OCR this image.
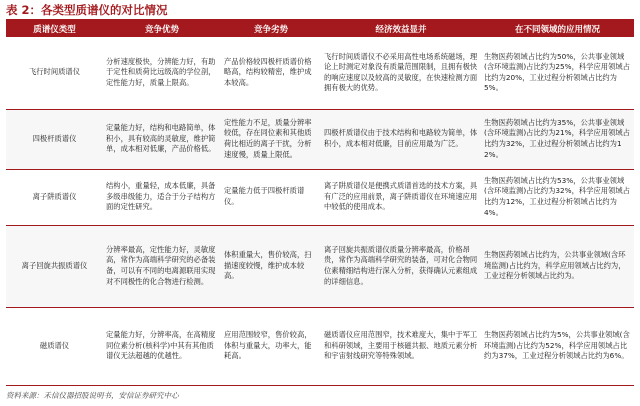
表 2：各类型质谱仪的对比情况
质谱仪类型	竞争优势	竞争劣势	经济效益显并	在不同领域的应用情况
飞行时间质谱仪	分析速度极快，分辨能力好，有助于定性和质荷比远级高的学位剖，定性能力好，质量上限高。	产品价格较四极杆质谱价格略高，结构较精密，维护成本较高。	飞行时间质谱仪不必采用高性电场系统磁场，理论上时测定对象没有质量范围限制，且拥有极快的响应速度以及较高的灵敏度，在快速检测方面拥有极大的优势。	生物医药领域占比约为50%，公共事业领域(含环境监测)占比约为25%，科学应用领域占比约为20%，工业过程分析领域占比约为5%。
四极杆质谱仪	定量能力好，结构和电路简单，体积小，具有较高的灵敏度，维护简单，成本相对低廉，产品价格低。	定性能力不足，质量分辨率较低，存在同位素和其他质荷比相近的离子干扰，分析速度慢，质量上限低。	四极杆质谱仪由于技术结构和电路较为简单，体积小，成本相对低廉，目前应用最为广泛。	生物医药领域占比约为35%，公共事业领域(含环境监测)占比约为21%，科学应用领域占比约为32%，工业过程分析领域占比约为12%。
离子阱质谱仪	结构小，重量轻，成本低廉，具备多级串级能力，适合于分子结构方面的定性研究。	定量能力低于四极杆质谱仪。	离子阱质谱仪是便携式质谱首选的技术方案，具有广泛的应用前景，离子阱质谱仪在环境速应用中较低的使用成本。	生物医药领域占比约为53%，公共事业领域(含环境监测)占比约为32%，科学应用领域占比约为12%，工业过程分析领域占比约为4%。
离子回旋共振质谱仪	分辨率最高，定性能力好，灵敏度高，常作为高端科学研究的必备装备，可以有不同的电离源联用实现对不同极性的化合物进行检测。	体积重量大，售价较高，扫描速度较慢，维护成本较高。	离子回旋共振质谱仪质量分辨率最高，价格昂贵，常作为高端科学研究的装备，可对化合物同位素精细结构进行深入分析，获得确认元素组成的详细信息。	生物医药领域占比约为，公共事业领域(含环境监测)占比约为，科学应用领域占比约为，工业过程分析领域占比约为。
磁质谱仪	定量能力好，分辨率高，在高精度同位素分析(核科学)中其有其他质谱仪无法超越的优越性。	应用范围较窄，售价较高，体积与重量大，功率大，能耗高。	磁质谱仪应用范围窄，技术难度大，集中于军工和科研领域，主要用于核磁共振、地质元素分析和宇宙射线研究等特殊领域。	生物医药领域占比约为5%，公共事业领域(含环境监测)占比约为52%，科学应用领域占比约为37%，工业过程分析领域占比约为6%。
资料来源：禾信仪器招股说明书，安信证券研究中心
